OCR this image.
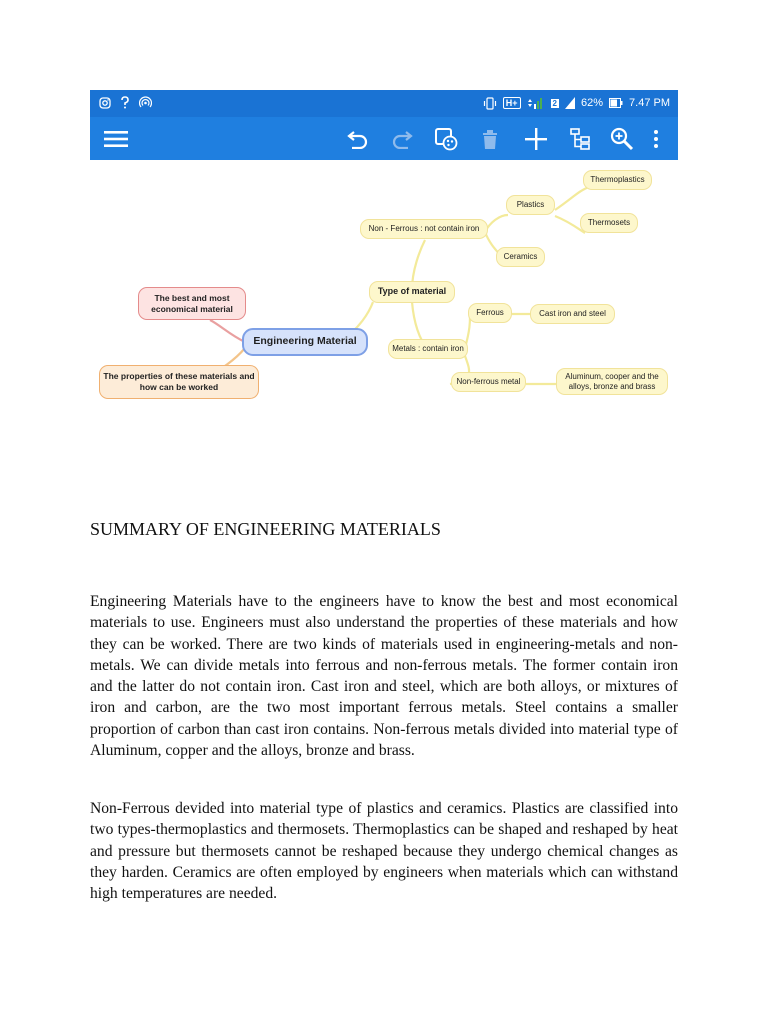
H+	2 62% 7.47 PM
Thermoplastics
Plastics
Thermosets
Non - Ferrous : not contain iron
Ceramics
Type of material
The best and most economical material	Ferrous	Cast iron and steel
Engineering Material
Metals : contain iron
The properties of these materials and how can be worked
Non-ferrous metal
Aluminum, cooper and the alloys, bronze and brass
SUMMARY OF ENGINEERING MATERIALS

Engineering Materials have to the engineers have to know the best and most economical materials to use. Engineers must also understand the properties of these materials and how they can be worked. There are two kinds of materials used in engineering-metals and non-metals. We can divide metals into ferrous and non-ferrous metals. The former contain iron and the latter do not contain iron. Cast iron and steel, which are both alloys, or mixtures of iron and carbon, are the two most important ferrous metals. Steel contains a smaller proportion of carbon than cast iron contains. Non-ferrous metals divided into material type of Aluminum, copper and the alloys, bronze and brass.

Non-Ferrous devided into material type of plastics and ceramics. Plastics are classified into two types-thermoplastics and thermosets. Thermoplastics can be shaped and reshaped by heat and pressure but thermosets cannot be reshaped because they undergo chemical changes as they harden. Ceramics are often employed by engineers when materials which can withstand high temperatures are needed.
